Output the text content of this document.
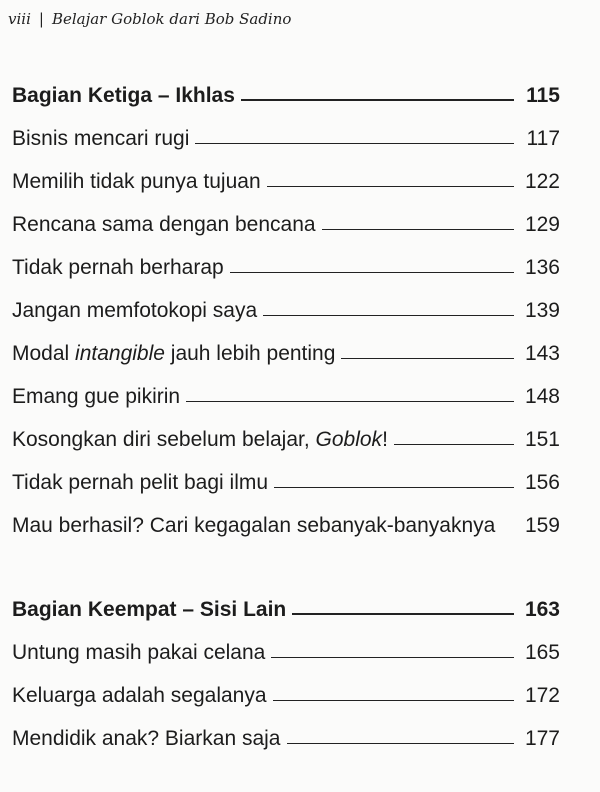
viii | Belajar Goblok dari Bob Sadino
Bagian Ketiga – Ikhlas	115
Bisnis mencari rugi	117
Memilih tidak punya tujuan	122
Rencana sama dengan bencana	129
Tidak pernah berharap	136
Jangan memfotokopi saya	139
Modal intangible jauh lebih penting	143
Emang gue pikirin	148
Kosongkan diri sebelum belajar, Goblok!	151
Tidak pernah pelit bagi ilmu	156
Mau berhasil? Cari kegagalan sebanyak-banyaknya	159
Bagian Keempat – Sisi Lain	163
Untung masih pakai celana	165
Keluarga adalah segalanya	172
Mendidik anak? Biarkan saja	177
